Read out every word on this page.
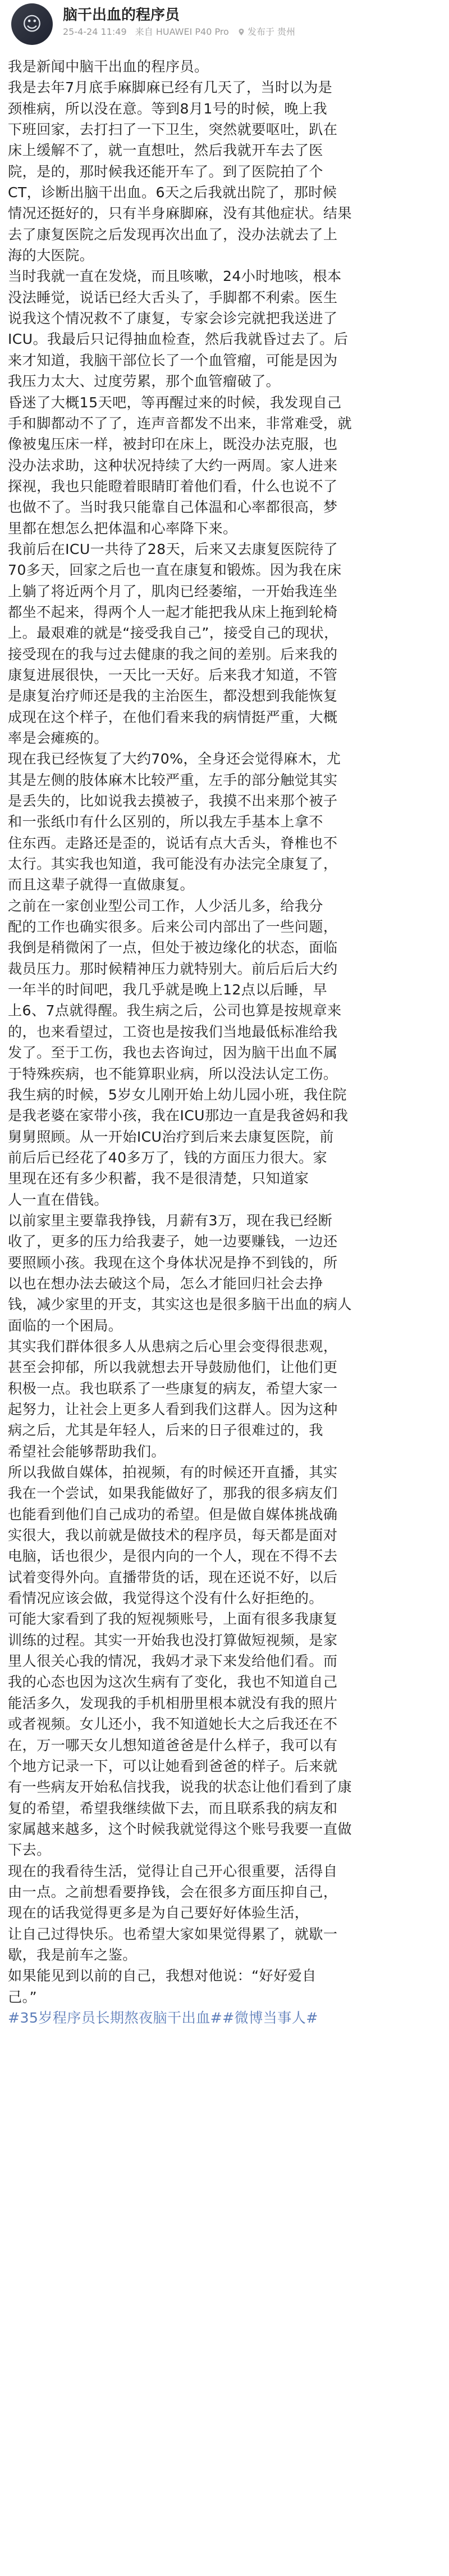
☺	脑干出血的程序员
25-4-24 11:49 来自 HUAWEI P40 Pro 发布于 贵州
我是新闻中脑干出血的程序员。
我是去年7月底手麻脚麻已经有几天了，当时以为是
颈椎病，所以没在意。等到8月1号的时候，晚上我
下班回家，去打扫了一下卫生，突然就要呕吐，趴在
床上缓解不了，就一直想吐，然后我就开车去了医
院，是的，那时候我还能开车了。到了医院拍了个
CT，诊断出脑干出血。6天之后我就出院了，那时候
情况还挺好的，只有半身麻脚麻，没有其他症状。结果
去了康复医院之后发现再次出血了，没办法就去了上
海的大医院。
当时我就一直在发烧，而且咳嗽，24小时地咳，根本
没法睡觉，说话已经大舌头了，手脚都不利索。医生
说我这个情况救不了康复，专家会诊完就把我送进了
ICU。我最后只记得抽血检查，然后我就昏过去了。后
来才知道，我脑干部位长了一个血管瘤，可能是因为
我压力太大、过度劳累，那个血管瘤破了。
昏迷了大概15天吧，等再醒过来的时候，我发现自己
手和脚都动不了了，连声音都发不出来，非常难受，就
像被鬼压床一样，被封印在床上，既没办法克服，也
没办法求助，这种状况持续了大约一两周。家人进来
探视，我也只能瞪着眼睛盯着他们看，什么也说不了
也做不了。当时我只能靠自己体温和心率都很高，梦
里都在想怎么把体温和心率降下来。
我前后在ICU一共待了28天，后来又去康复医院待了
70多天，回家之后也一直在康复和锻炼。因为我在床
上躺了将近两个月了，肌肉已经萎缩，一开始我连坐
都坐不起来，得两个人一起才能把我从床上拖到轮椅
上。最艰难的就是“接受我自己”，接受自己的现状，
接受现在的我与过去健康的我之间的差别。后来我的
康复进展很快，一天比一天好。后来我才知道，不管
是康复治疗师还是我的主治医生，都没想到我能恢复
成现在这个样子，在他们看来我的病情挺严重，大概
率是会瘫痪的。
现在我已经恢复了大约70%，全身还会觉得麻木，尤
其是左侧的肢体麻木比较严重，左手的部分触觉其实
是丢失的，比如说我去摸被子，我摸不出来那个被子
和一张纸巾有什么区别的，所以我左手基本上拿不
住东西。走路还是歪的，说话有点大舌头，脊椎也不
太行。其实我也知道，我可能没有办法完全康复了，
而且这辈子就得一直做康复。
之前在一家创业型公司工作，人少活儿多，给我分
配的工作也确实很多。后来公司内部出了一些问题，
我倒是稍微闲了一点，但处于被边缘化的状态，面临
裁员压力。那时候精神压力就特别大。前后后后大约
一年半的时间吧，我几乎就是晚上12点以后睡，早
上6、7点就得醒。我生病之后，公司也算是按规章来
的，也来看望过，工资也是按我们当地最低标准给我
发了。至于工伤，我也去咨询过，因为脑干出血不属
于特殊疾病，也不能算职业病，所以没法认定工伤。
我生病的时候，5岁女儿刚开始上幼儿园小班，我住院
是我老婆在家带小孩，我在ICU那边一直是我爸妈和我
舅舅照顾。从一开始ICU治疗到后来去康复医院，前
前后后已经花了40多万了，钱的方面压力很大。家
里现在还有多少积蓄，我不是很清楚，只知道家
人一直在借钱。
以前家里主要靠我挣钱，月薪有3万，现在我已经断
收了，更多的压力给我妻子，她一边要赚钱，一边还
要照顾小孩。我现在这个身体状况是挣不到钱的，所
以也在想办法去破这个局，怎么才能回归社会去挣
钱，减少家里的开支，其实这也是很多脑干出血的病人
面临的一个困局。
其实我们群体很多人从患病之后心里会变得很悲观，
甚至会抑郁，所以我就想去开导鼓励他们，让他们更
积极一点。我也联系了一些康复的病友，希望大家一
起努力，让社会上更多人看到我们这群人。因为这种
病之后，尤其是年轻人，后来的日子很难过的，我
希望社会能够帮助我们。
所以我做自媒体，拍视频，有的时候还开直播，其实
我在一个尝试，如果我能做好了，那我的很多病友们
也能看到他们自己成功的希望。但是做自媒体挑战确
实很大，我以前就是做技术的程序员，每天都是面对
电脑，话也很少，是很内向的一个人，现在不得不去
试着变得外向。直播带货的话，现在还说不好，以后
看情况应该会做，我觉得这个没有什么好拒绝的。
可能大家看到了我的短视频账号，上面有很多我康复
训练的过程。其实一开始我也没打算做短视频，是家
里人很关心我的情况，我妈才录下来发给他们看。而
我的心态也因为这次生病有了变化，我也不知道自己
能活多久，发现我的手机相册里根本就没有我的照片
或者视频。女儿还小，我不知道她长大之后我还在不
在，万一哪天女儿想知道爸爸是什么样子，我可以有
个地方记录一下，可以让她看到爸爸的样子。后来就
有一些病友开始私信找我，说我的状态让他们看到了康
复的希望，希望我继续做下去，而且联系我的病友和
家属越来越多，这个时候我就觉得这个账号我要一直做
下去。
现在的我看待生活，觉得让自己开心很重要，活得自
由一点。之前想看要挣钱，会在很多方面压抑自己，
现在的话我觉得更多是为自己要好好体验生活，
让自己过得快乐。也希望大家如果觉得累了，就歇一
歇，我是前车之鉴。
如果能见到以前的自己，我想对他说：“好好爱自
己。”
#35岁程序员长期熬夜脑干出血##微博当事人#
